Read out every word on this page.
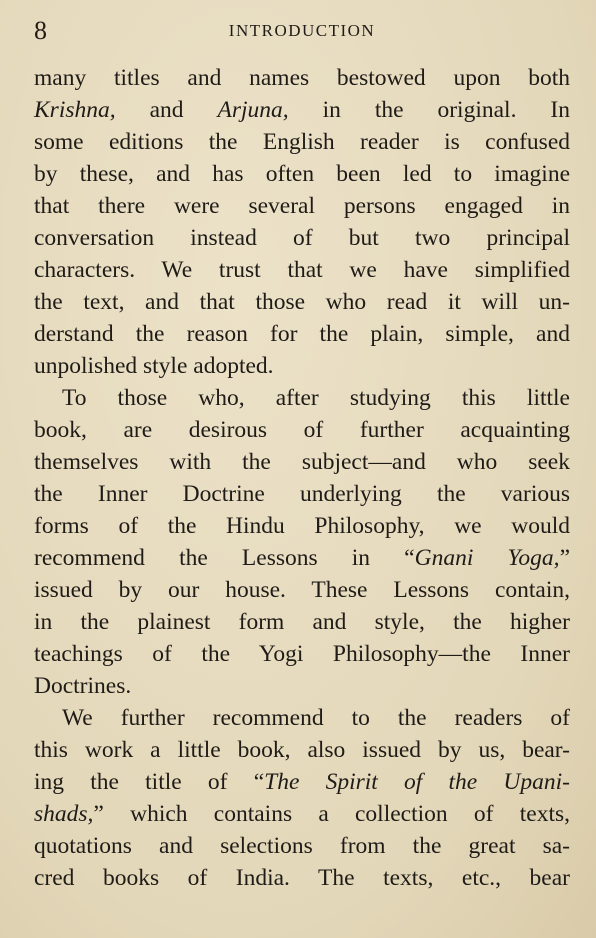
8	INTRODUCTION
many titles and names bestowed upon both
Krishna, and Arjuna, in the original. In
some editions the English reader is confused
by these, and has often been led to imagine
that there were several persons engaged in
conversation instead of but two principal
characters. We trust that we have simplified
the text, and that those who read it will un-
derstand the reason for the plain, simple, and
unpolished style adopted.
To those who, after studying this little
book, are desirous of further acquainting
themselves with the subject—and who seek
the Inner Doctrine underlying the various
forms of the Hindu Philosophy, we would
recommend the Lessons in “Gnani Yoga,”
issued by our house. These Lessons contain,
in the plainest form and style, the higher
teachings of the Yogi Philosophy—the Inner
Doctrines.
We further recommend to the readers of
this work a little book, also issued by us, bear-
ing the title of “The Spirit of the Upani-
shads,” which contains a collection of texts,
quotations and selections from the great sa-
cred books of India. The texts, etc., bear
